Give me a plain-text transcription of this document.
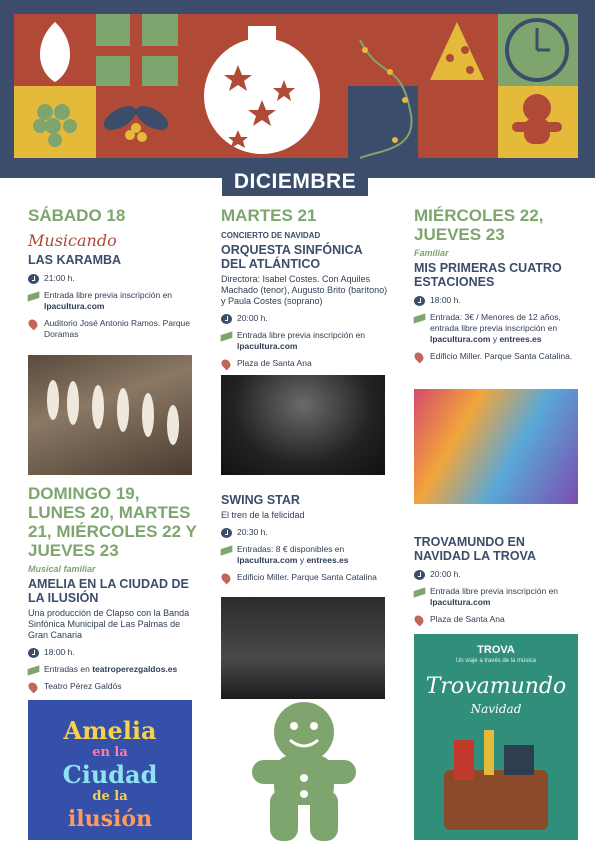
DICIEMBRE
SÁBADO 18
Musicando
LAS KARAMBA
21:00 h.
Entrada libre previa inscripción en lpacultura.com
Auditorio José Antonio Ramos. Parque Doramas
DOMINGO 19, LUNES 20, MARTES 21, MIÉRCOLES 22 Y JUEVES 23
Musical familiar
AMELIA EN LA CIUDAD DE LA ILUSIÓN
Una producción de Clapso con la Banda Sinfónica Municipal de Las Palmas de Gran Canaria
18:00 h.
Entradas en teatroperezgaldos.es
Teatro Pérez Galdós
Amelia
en la
Ciudad
de la
ilusión
MARTES 21
CONCIERTO DE NAVIDAD
ORQUESTA SINFÓNICA DEL ATLÁNTICO
Directora: Isabel Costes. Con Aquiles Machado (tenor), Augusto Brito (barítono) y Paula Costes (soprano)
20:00 h.
Entrada libre previa inscripción en lpacultura.com
Plaza de Santa Ana
SWING STAR
El tren de la felicidad
20:30 h.
Entradas: 8 € disponibles en lpacultura.com y entrees.es
Edificio Miller. Parque Santa Catalina
MIÉRCOLES 22, JUEVES 23
Familiar
MIS PRIMERAS CUATRO ESTACIONES
18:00 h.
Entrada: 3€ / Menores de 12 años, entrada libre previa inscripción en lpacultura.com y entrees.es
Edificio Miller. Parque Santa Catalina.
TROVAMUNDO EN NAVIDAD LA TROVA
20:00 h.
Entrada libre previa inscripción en lpacultura.com
Plaza de Santa Ana
TROVA
Un viaje a través de la música
Trovamundo
Navidad
